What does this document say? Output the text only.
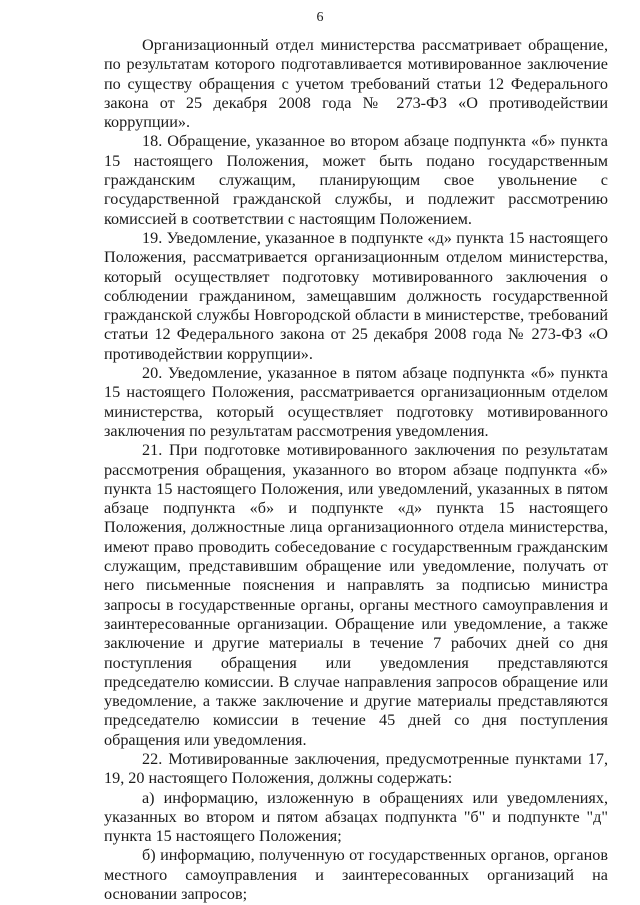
6

Организационный отдел министерства рассматривает обращение, по результатам которого подготавливается мотивированное заключение по существу обращения с учетом требований статьи 12 Федерального закона от 25 декабря 2008 года № 273-ФЗ «О противодействии коррупции».

18. Обращение, указанное во втором абзаце подпункта «б» пункта 15 настоящего Положения, может быть подано государственным гражданским служащим, планирующим свое увольнение с государственной гражданской службы, и подлежит рассмотрению комиссией в соответствии с настоящим Положением.

19. Уведомление, указанное в подпункте «д» пункта 15 настоящего Положения, рассматривается организационным отделом министерства, который осуществляет подготовку мотивированного заключения о соблюдении гражданином, замещавшим должность государственной гражданской службы Новгородской области в министерстве, требований статьи 12 Федерального закона от 25 декабря 2008 года № 273-ФЗ «О противодействии коррупции».

20. Уведомление, указанное в пятом абзаце подпункта «б» пункта 15 настоящего Положения, рассматривается организационным отделом министерства, который осуществляет подготовку мотивированного заключения по результатам рассмотрения уведомления.

21. При подготовке мотивированного заключения по результатам рассмотрения обращения, указанного во втором абзаце подпункта «б» пункта 15 настоящего Положения, или уведомлений, указанных в пятом абзаце подпункта «б» и подпункте «д» пункта 15 настоящего Положения, должностные лица организационного отдела министерства, имеют право проводить собеседование с государственным гражданским служащим, представившим обращение или уведомление, получать от него письменные пояснения и направлять за подписью министра запросы в государственные органы, органы местного самоуправления и заинтересованные организации. Обращение или уведомление, а также заключение и другие материалы в течение 7 рабочих дней со дня поступления обращения или уведомления представляются председателю комиссии. В случае направления запросов обращение или уведомление, а также заключение и другие материалы представляются председателю комиссии в течение 45 дней со дня поступления обращения или уведомления.

22. Мотивированные заключения, предусмотренные пунктами 17, 19, 20 настоящего Положения, должны содержать:

а) информацию, изложенную в обращениях или уведомлениях, указанных во втором и пятом абзацах подпункта "б" и подпункте "д" пункта 15 настоящего Положения;

б) информацию, полученную от государственных органов, органов местного самоуправления и заинтересованных организаций на основании запросов;
